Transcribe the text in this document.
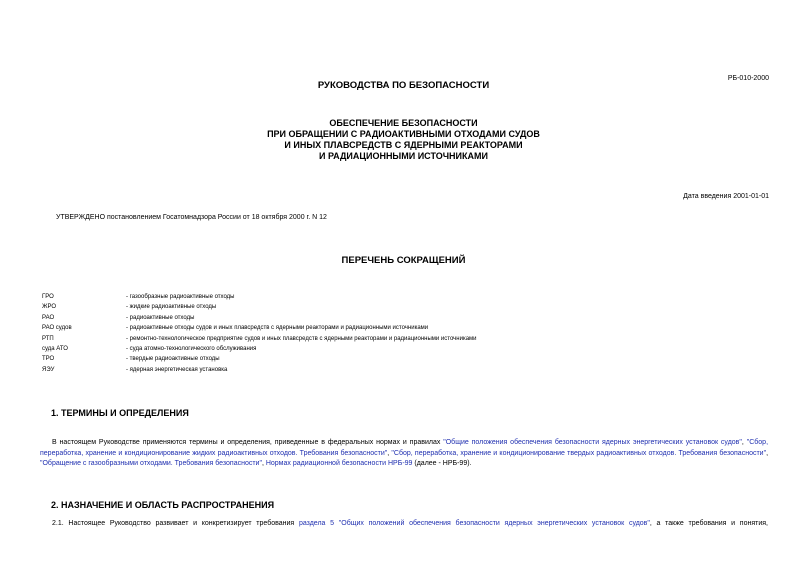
РБ-010-2000
РУКОВОДСТВА ПО БЕЗОПАСНОСТИ
ОБЕСПЕЧЕНИЕ БЕЗОПАСНОСТИ
ПРИ ОБРАЩЕНИИ С РАДИОАКТИВНЫМИ ОТХОДАМИ СУДОВ
И ИНЫХ ПЛАВСРЕДСТВ С ЯДЕРНЫМИ РЕАКТОРАМИ
И РАДИАЦИОННЫМИ ИСТОЧНИКАМИ
Дата введения 2001-01-01
УТВЕРЖДЕНО постановлением Госатомнадзора России от 18 октября 2000 г. N 12
ПЕРЕЧЕНЬ СОКРАЩЕНИЙ
ГРО	- газообразные радиоактивные отходы
ЖРО	- жидкие радиоактивные отходы
РАО	- радиоактивные отходы
РАО судов	- радиоактивные отходы судов и иных плавсредств с ядерными реакторами и радиационными источниками
РТП	- ремонтно-технологическое предприятие судов и иных плавсредств с ядерными реакторами и радиационными источниками
суда АТО	- суда атомно-технологического обслуживания
ТРО	- твердые радиоактивные отходы
ЯЭУ	- ядерная энергетическая установка
1. ТЕРМИНЫ И ОПРЕДЕЛЕНИЯ
В настоящем Руководстве применяются термины и определения, приведенные в федеральных нормах и правилах "Общие положения обеспечения безопасности ядерных энергетических установок судов", "Сбор, переработка, хранение и кондиционирование жидких радиоактивных отходов. Требования безопасности", "Сбор, переработка, хранение и кондиционирование твердых радиоактивных отходов. Требования безопасности", "Обращение с газообразными отходами. Требования безопасности", Нормах радиационной безопасности НРБ-99 (далее - НРБ-99).
2. НАЗНАЧЕНИЕ И ОБЛАСТЬ РАСПРОСТРАНЕНИЯ
2.1. Настоящее Руководство развивает и конкретизирует требования раздела 5 "Общих положений обеспечения безопасности ядерных энергетических установок судов", а также требования и понятия,
